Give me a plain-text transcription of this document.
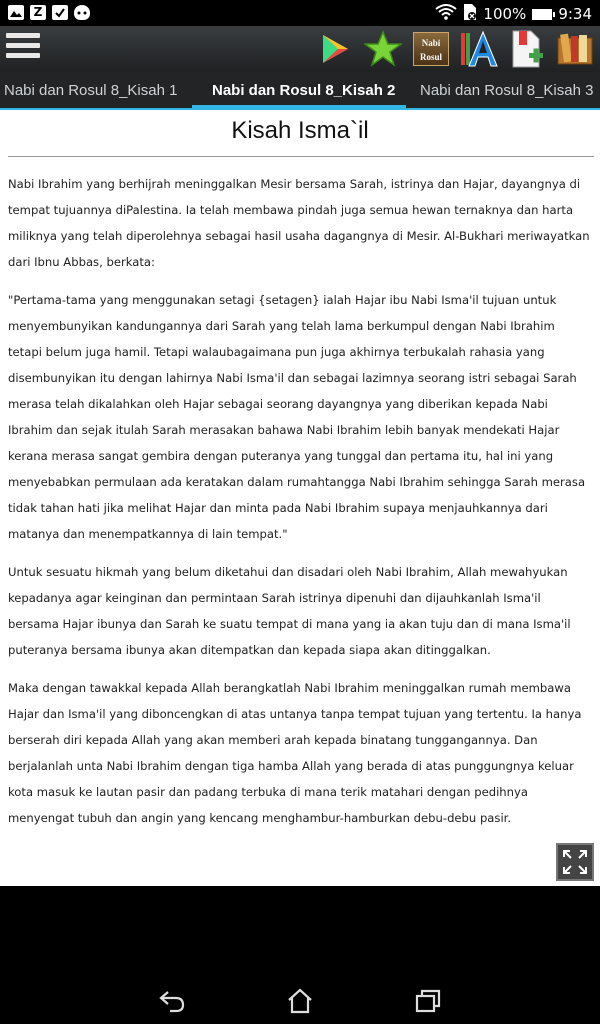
Z	100% 9:34
Nabi Rosul
Nabi dan Rosul 8_Kisah 1 Nabi dan Rosul 8_Kisah 2 Nabi dan Rosul 8_Kisah 3
Kisah Isma`il

Nabi Ibrahim yang berhijrah meninggalkan Mesir bersama Sarah, istrinya dan Hajar, dayangnya di tempat tujuannya diPalestina. Ia telah membawa pindah juga semua hewan ternaknya dan harta miliknya yang telah diperolehnya sebagai hasil usaha dagangnya di Mesir. Al-Bukhari meriwayatkan dari Ibnu Abbas, berkata:

"Pertama-tama yang menggunakan setagi {setagen} ialah Hajar ibu Nabi Isma'il tujuan untuk menyembunyikan kandungannya dari Sarah yang telah lama berkumpul dengan Nabi Ibrahim tetapi belum juga hamil. Tetapi walaubagaimana pun juga akhirnya terbukalah rahasia yang disembunyikan itu dengan lahirnya Nabi Isma'il dan sebagai lazimnya seorang istri sebagai Sarah merasa telah dikalahkan oleh Hajar sebagai seorang dayangnya yang diberikan kepada Nabi Ibrahim dan sejak itulah Sarah merasakan bahawa Nabi Ibrahim lebih banyak mendekati Hajar kerana merasa sangat gembira dengan puteranya yang tunggal dan pertama itu, hal ini yang menyebabkan permulaan ada keratakan dalam rumahtangga Nabi Ibrahim sehingga Sarah merasa tidak tahan hati jika melihat Hajar dan minta pada Nabi Ibrahim supaya menjauhkannya dari matanya dan menempatkannya di lain tempat."

Untuk sesuatu hikmah yang belum diketahui dan disadari oleh Nabi Ibrahim, Allah mewahyukan kepadanya agar keinginan dan permintaan Sarah istrinya dipenuhi dan dijauhkanlah Isma'il bersama Hajar ibunya dan Sarah ke suatu tempat di mana yang ia akan tuju dan di mana Isma'il puteranya bersama ibunya akan ditempatkan dan kepada siapa akan ditinggalkan.

Maka dengan tawakkal kepada Allah berangkatlah Nabi Ibrahim meninggalkan rumah membawa Hajar dan Isma'il yang diboncengkan di atas untanya tanpa tempat tujuan yang tertentu. Ia hanya berserah diri kepada Allah yang akan memberi arah kepada binatang tunggangannya. Dan berjalanlah unta Nabi Ibrahim dengan tiga hamba Allah yang berada di atas punggungnya keluar kota masuk ke lautan pasir dan padang terbuka di mana terik matahari dengan pedihnya menyengat tubuh dan angin yang kencang menghambur-hamburkan debu-debu pasir.
